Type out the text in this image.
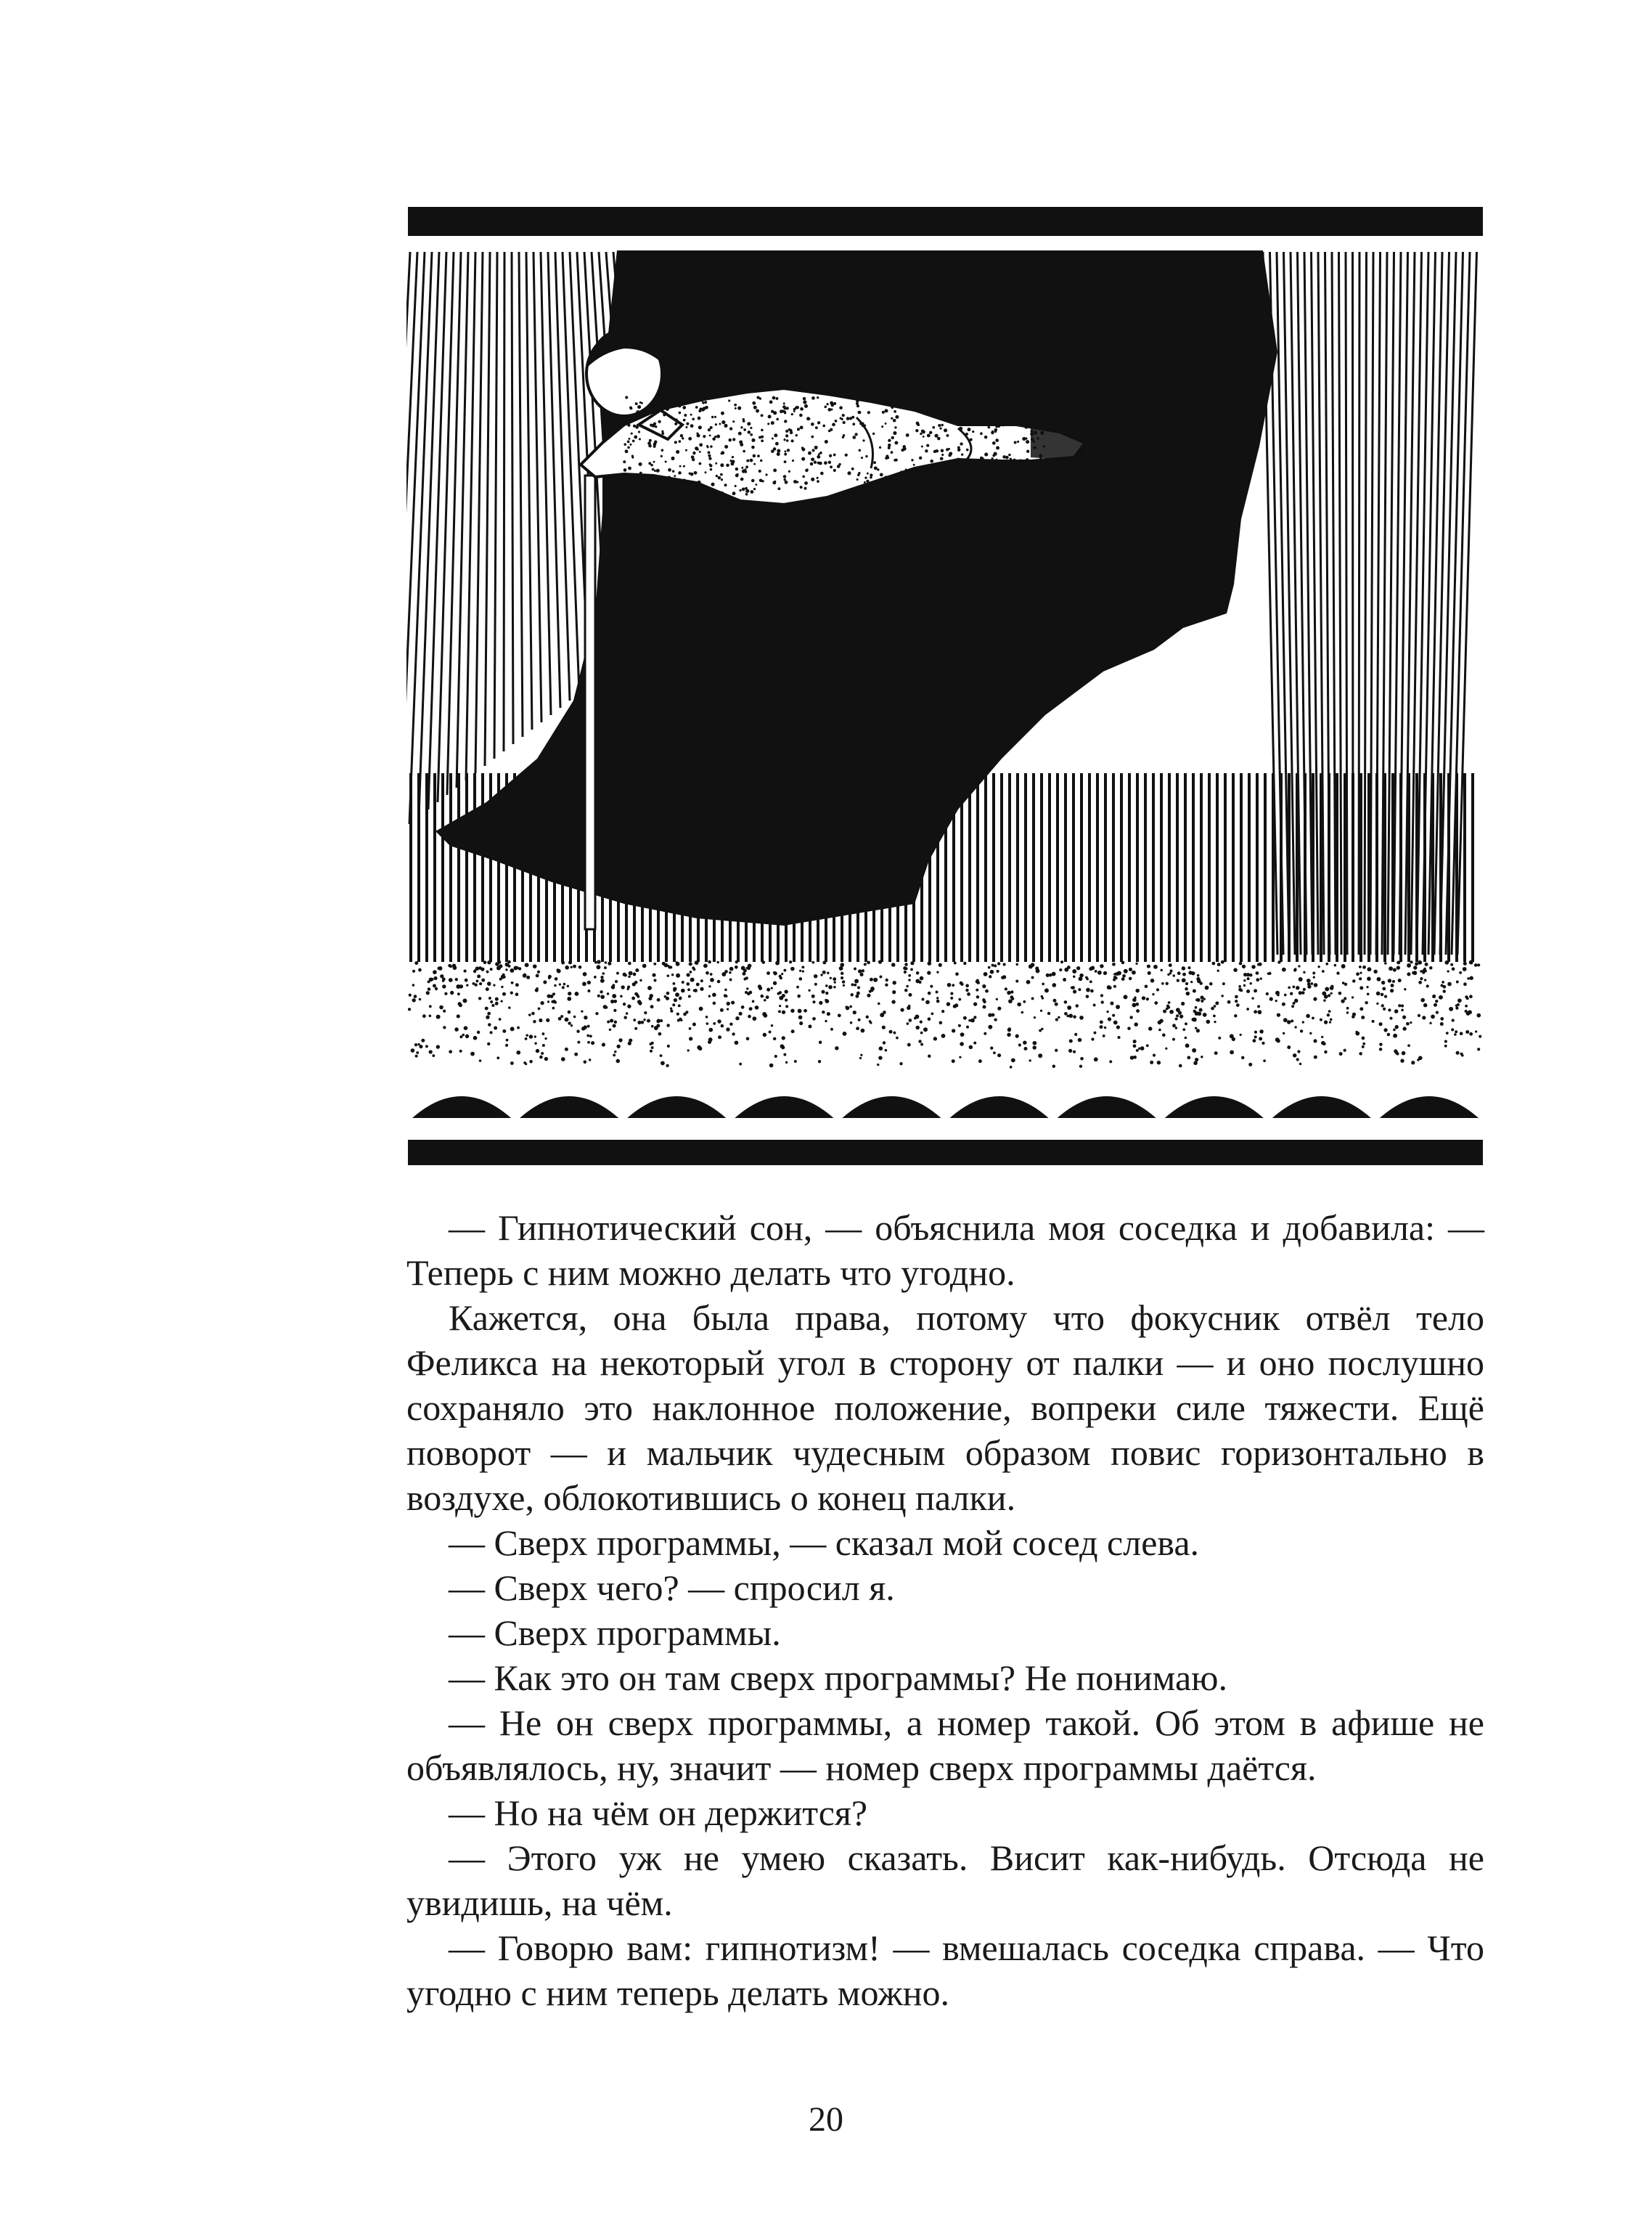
— Гипнотический сон, — объяснила моя соседка и добавила: — Теперь с ним можно делать что угодно.

Кажется, она была права, потому что фокусник отвёл тело Феликса на некоторый угол в сторону от палки — и оно послушно сохраняло это наклонное положение, вопреки силе тяжести. Ещё поворот — и мальчик чудесным образом повис горизонтально в воздухе, облокотившись о конец палки.

— Сверх программы, — сказал мой сосед слева.

— Сверх чего? — спросил я.

— Сверх программы.

— Как это он там сверх программы? Не понимаю.

— Не он сверх программы, а номер такой. Об этом в афише не объявлялось, ну, значит — номер сверх программы даётся.

— Но на чём он держится?

— Этого уж не умею сказать. Висит как-нибудь. Отсюда не увидишь, на чём.

— Говорю вам: гипнотизм! — вмешалась соседка справа. — Что угодно с ним теперь делать можно.

20
